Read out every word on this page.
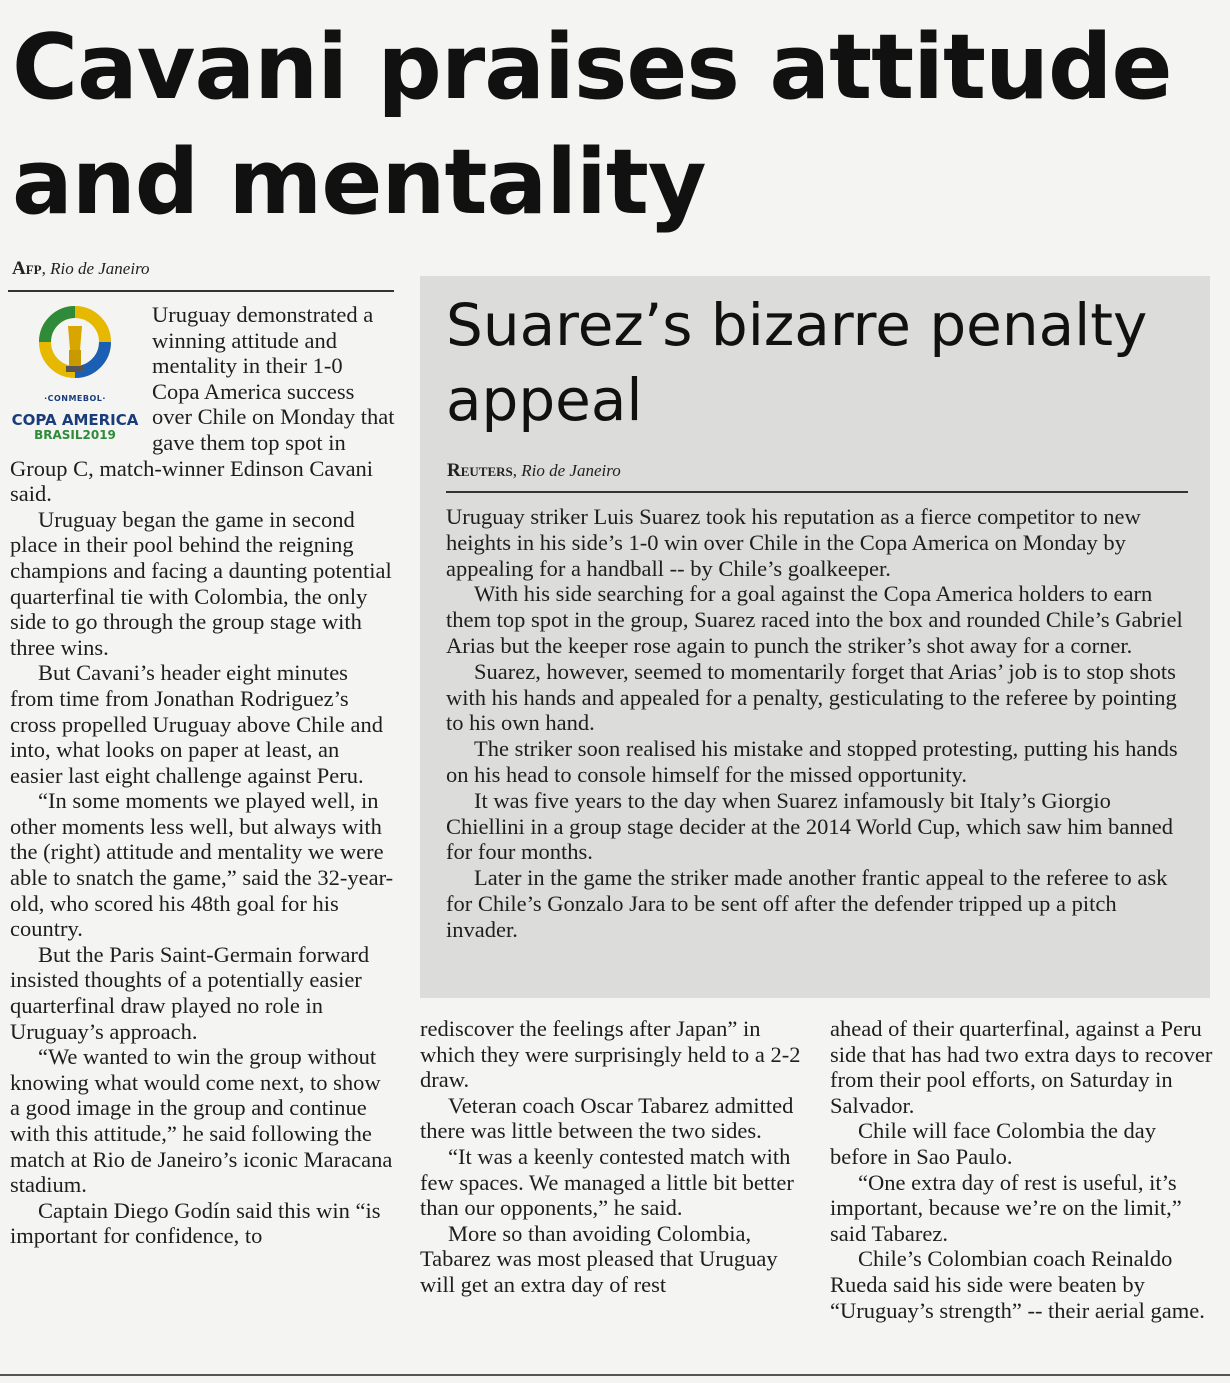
Cavani praises attitude and mentality
Afp, Rio de Janeiro
·CONMEBOL·
COPA AMERICA
BRASIL2019

Uruguay demonstrated a winning attitude and mentality in their 1-0 Copa America success over Chile on Monday that gave them top spot in Group C, match-winner Edinson Cavani said.

Uruguay began the game in second place in their pool behind the reigning champions and facing a daunting potential quarterfinal tie with Colombia, the only side to go through the group stage with three wins.

But Cavani’s header eight minutes from time from Jonathan Rodriguez’s cross propelled Uruguay above Chile and into, what looks on paper at least, an easier last eight challenge against Peru.

“In some moments we played well, in other moments less well, but always with the (right) attitude and mentality we were able to snatch the game,” said the 32-year-old, who scored his 48th goal for his country.

But the Paris Saint-Germain forward insisted thoughts of a potentially easier quarterfinal draw played no role in Uruguay’s approach.

“We wanted to win the group without knowing what would come next, to show a good image in the group and continue with this attitude,” he said following the match at Rio de Janeiro’s iconic Maracana stadium.

Captain Diego Godín said this win “is important for confidence, to

Suarez’s bizarre penalty appeal
Reuters, Rio de Janeiro

Uruguay striker Luis Suarez took his reputation as a fierce competitor to new heights in his side’s 1-0 win over Chile in the Copa America on Monday by appealing for a handball -- by Chile’s goalkeeper.

With his side searching for a goal against the Copa America holders to earn them top spot in the group, Suarez raced into the box and rounded Chile’s Gabriel Arias but the keeper rose again to punch the striker’s shot away for a corner.

Suarez, however, seemed to momentarily forget that Arias’ job is to stop shots with his hands and appealed for a penalty, gesticulating to the referee by pointing to his own hand.

The striker soon realised his mistake and stopped protesting, putting his hands on his head to console himself for the missed opportunity.

It was five years to the day when Suarez infamously bit Italy’s Giorgio Chiellini in a group stage decider at the 2014 World Cup, which saw him banned for four months.

Later in the game the striker made another frantic appeal to the referee to ask for Chile’s Gonzalo Jara to be sent off after the defender tripped up a pitch invader.

rediscover the feelings after Japan” in which they were surprisingly held to a 2-2 draw.

Veteran coach Oscar Tabarez admitted there was little between the two sides.

“It was a keenly contested match with few spaces. We managed a little bit better than our opponents,” he said.

More so than avoiding Colombia, Tabarez was most pleased that Uruguay will get an extra day of rest

ahead of their quarterfinal, against a Peru side that has had two extra days to recover from their pool efforts, on Saturday in Salvador.

Chile will face Colombia the day before in Sao Paulo.

“One extra day of rest is useful, it’s important, because we’re on the limit,” said Tabarez.

Chile’s Colombian coach Reinaldo Rueda said his side were beaten by “Uruguay’s strength” -- their aerial game.
